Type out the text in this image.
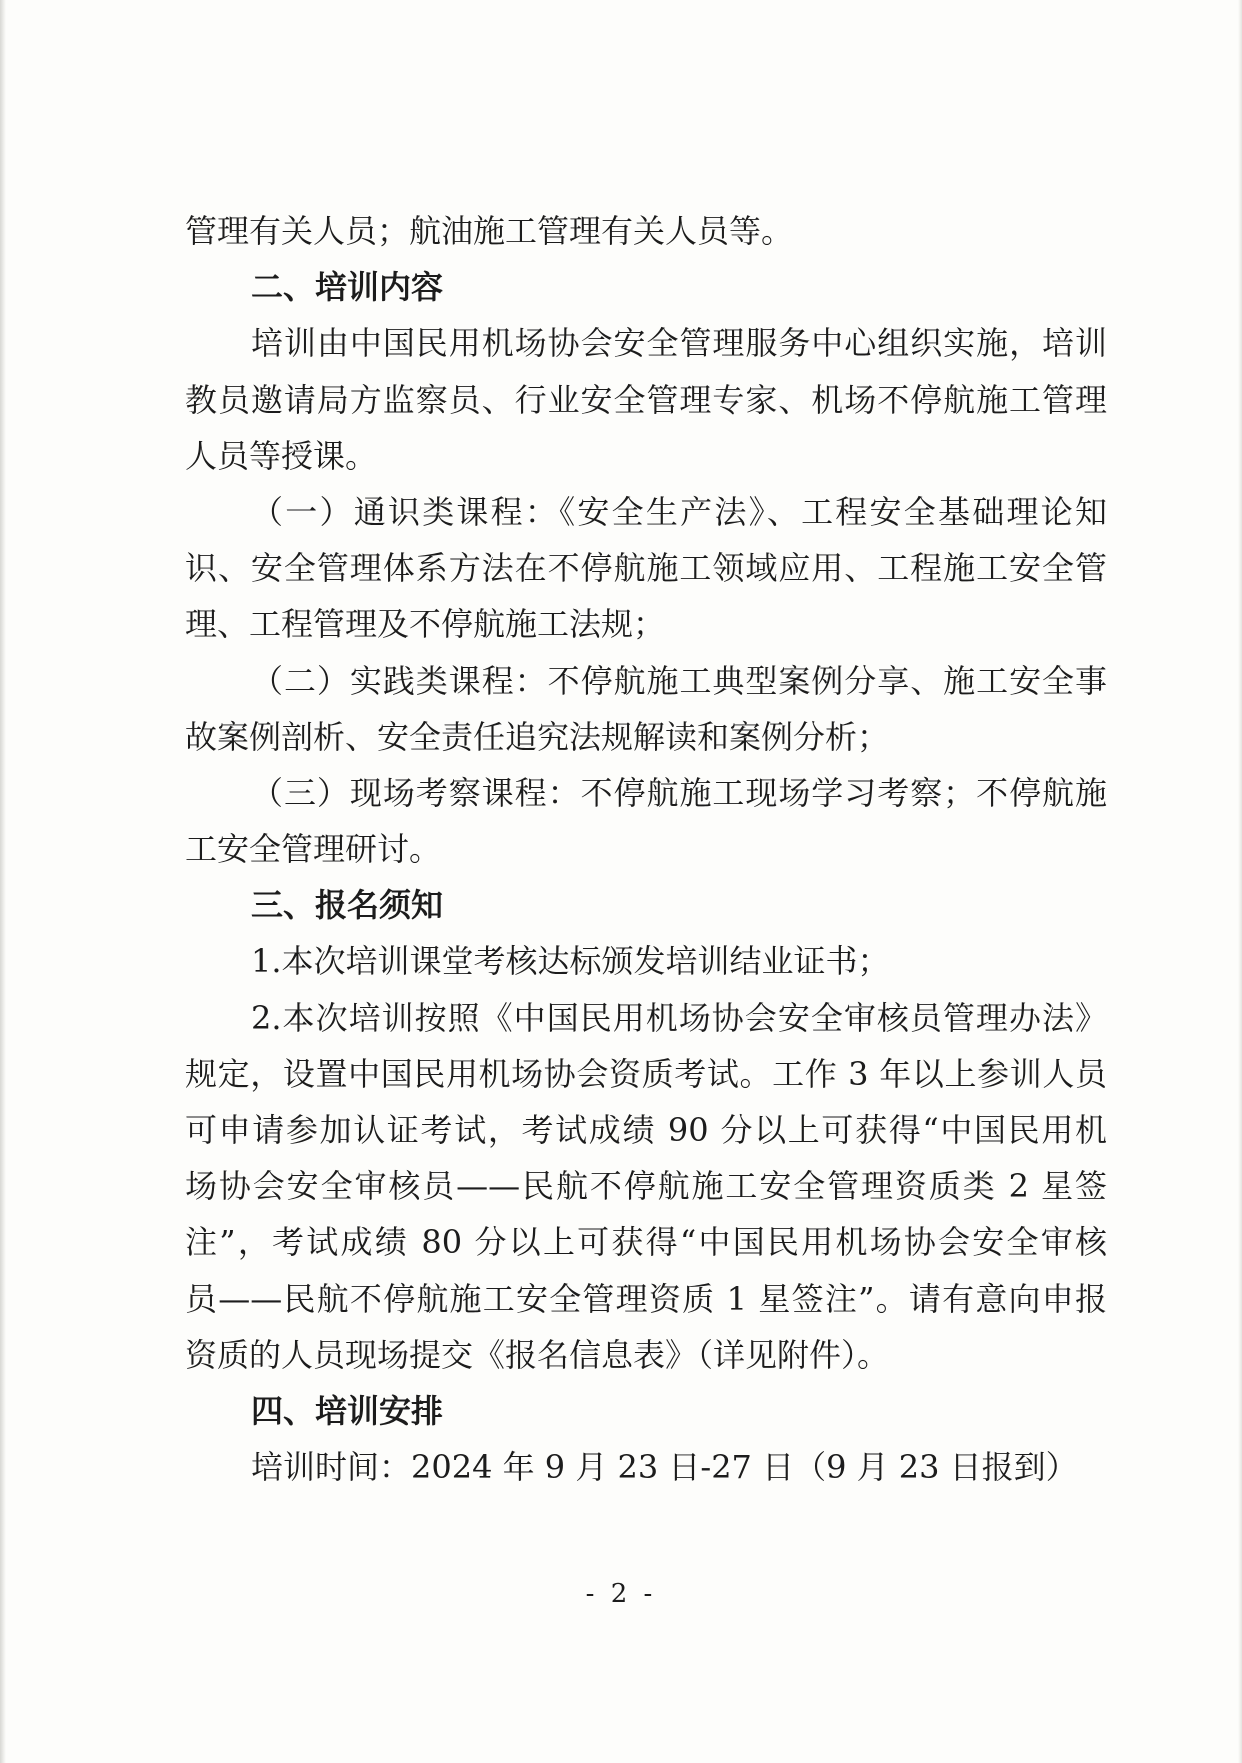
管理有关人员；航油施工管理有关人员等。
二、培训内容
培训由中国民用机场协会安全管理服务中心组织实施，培训
教员邀请局方监察员、行业安全管理专家、机场不停航施工管理
人员等授课。
（一）通识类课程：《安全生产法》、工程安全基础理论知
识、安全管理体系方法在不停航施工领域应用、工程施工安全管
理、工程管理及不停航施工法规；
（二）实践类课程：不停航施工典型案例分享、施工安全事
故案例剖析、安全责任追究法规解读和案例分析；
（三）现场考察课程：不停航施工现场学习考察；不停航施
工安全管理研讨。
三、报名须知
1.本次培训课堂考核达标颁发培训结业证书；
2.本次培训按照《中国民用机场协会安全审核员管理办法》
规定，设置中国民用机场协会资质考试。工作 3 年以上参训人员
可申请参加认证考试，考试成绩 90 分以上可获得“中国民用机
场协会安全审核员——民航不停航施工安全管理资质类 2 星签
注”，考试成绩 80 分以上可获得“中国民用机场协会安全审核
员——民航不停航施工安全管理资质 1 星签注”。请有意向申报
资质的人员现场提交《报名信息表》（详见附件）。
四、培训安排
培训时间：2024 年 9 月 23 日-27 日（9 月 23 日报到）
- 2 -
